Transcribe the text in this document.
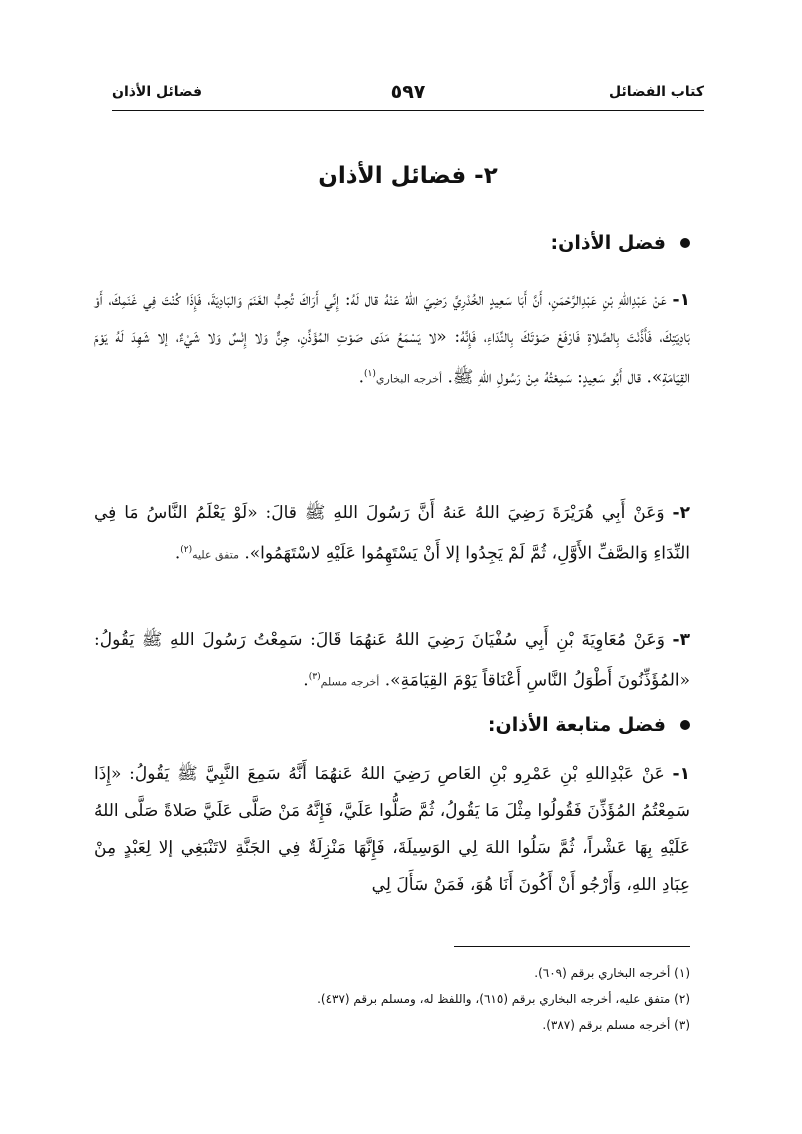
كتاب الفضائل
٥٩٧
فضائل الأذان
٢- فضائل الأذان
فضل الأذان:
١- عَنْ عَبْدِاللهِ بْنِ عَبْدِالرَّحْمَنِ، أَنَّ أَبَا سَعِيدٍ الخُدْرِيَّ رَضِيَ اللهُ عَنْهُ قال لَهُ: إِنِّي أَرَاكَ تُحِبُّ الغَنَمَ وَالبَادِيَةَ، فَإِذَا كُنْتَ فِي غَنَمِكَ، أَوْ بَادِيَتِكَ، فَأَذَّنْتَ بِالصَّلاةِ فَارْفَعْ صَوْتَكَ بِالنِّدَاءِ، فَإِنَّهُ: «لا يَسْمَعُ مَدَى صَوْتِ المُؤَذِّنِ، جِنٌّ وَلا إِنْسٌ وَلا شَيْءٌ، إلا شَهِدَ لَهُ يَوْمَ القِيَامَةِ». قال أَبُو سَعِيدٍ: سَمِعْتُهُ مِنْ رَسُولِ اللهِ ﷺ. أخرجه البخاري$^{(١)}$.
٢- وَعَنْ أَبِي هُرَيْرَةَ رَضِيَ اللهُ عَنهُ أَنَّ رَسُولَ اللهِ ﷺ قالَ: «لَوْ يَعْلَمُ النَّاسُ مَا فِي النِّدَاءِ وَالصَّفِّ الأَوَّلِ، ثُمَّ لَمْ يَجِدُوا إلا أَنْ يَسْتَهِمُوا عَلَيْهِ لاسْتَهَمُوا». متفق عليه$^{(٢)}$.
٣- وَعَنْ مُعَاوِيَةَ بْنِ أَبِي سُفْيَانَ رَضِيَ اللهُ عَنهُمَا قَالَ: سَمِعْتُ رَسُولَ اللهِ ﷺ يَقُولُ: «المُؤَذِّنُونَ أَطْوَلُ النَّاسِ أَعْنَاقاً يَوْمَ القِيَامَةِ». أخرجه مسلم$^{(٣)}$.
فضل متابعة الأذان:
١- عَنْ عَبْدِاللهِ بْنِ عَمْرِو بْنِ العَاصِ رَضِيَ اللهُ عَنهُمَا أَنَّهُ سَمِعَ النَّبِيَّ ﷺ يَقُولُ: «إِذَا سَمِعْتُمُ المُؤَذِّنَ فَقُولُوا مِثْلَ مَا يَقُولُ، ثُمَّ صَلُّوا عَلَيَّ، فَإِنَّهُ مَنْ صَلَّى عَلَيَّ صَلاةً صَلَّى اللهُ عَلَيْهِ بِهَا عَشْراً، ثُمَّ سَلُوا اللهَ لِي الوَسِيلَةَ، فَإِنَّهَا مَنْزِلَةٌ فِي الجَنَّةِ لاتَنْبَغِي إلا لِعَبْدٍ مِنْ عِبَادِ اللهِ، وَأَرْجُو أَنْ أَكُونَ أَنَا هُوَ، فَمَنْ سَأَلَ لِي
(١) أخرجه البخاري برقم (٦٠٩).
(٢) متفق عليه، أخرجه البخاري برقم (٦١٥)، واللفظ له، ومسلم برقم (٤٣٧).
(٣) أخرجه مسلم برقم (٣٨٧).
